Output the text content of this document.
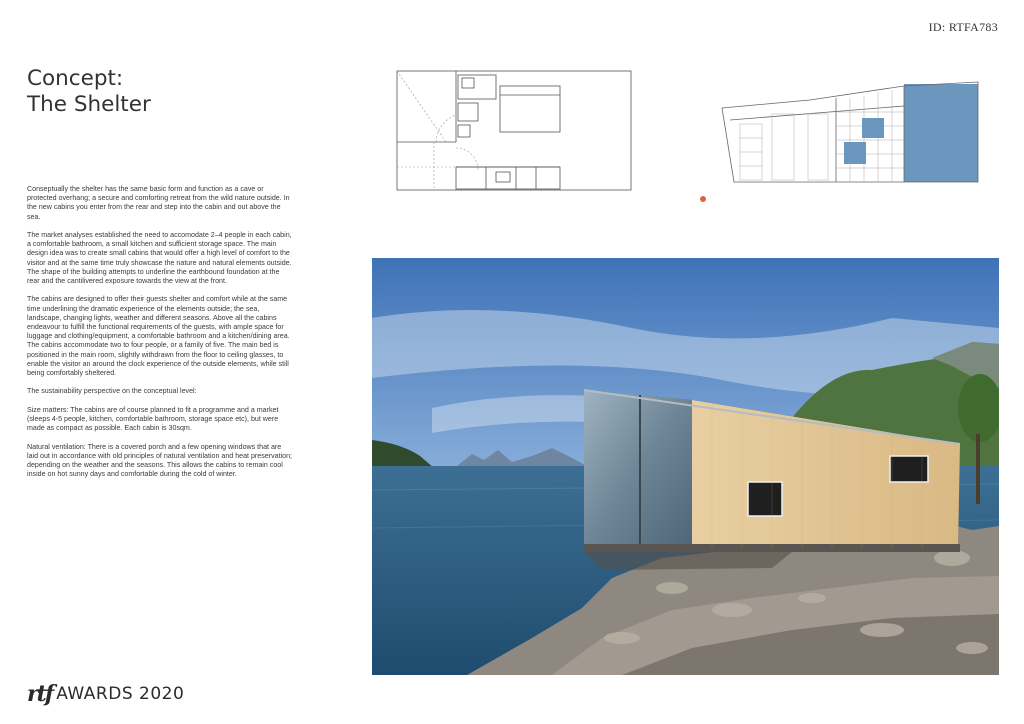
ID: RTFA783
Concept:
The Shelter

Conseptually the shelter has the same basic form and function as a cave or protected overhang; a secure and comforting retreat from the wild nature outside. In the new cabins you enter from the rear and step into the cabin and out above the sea.

The market analyses established the need to accomodate 2–4 people in each cabin, a comfortable bathroom, a small kitchen and sufficient storage space. The main design idea was to create small cabins that would offer a high level of comfort to the visitor and at the same time truly showcase the nature and natural elements outside. The shape of the building attempts to underline the earthbound foundation at the rear and the cantilivered exposure towards the view at the front.

The cabins are designed to offer their guests shelter and comfort while at the same time underlining the dramatic experience of the elements outside; the sea, landscape, changing lights, weather and different seasons. Above all the cabins endeavour to fulfill the functional requirements of the guests, with ample space for luggage and clothing/equipment, a comfortable bathroom and a kitchen/dining area. The cabins accommodate two to four people, or a family of five. The main bed is positioned in the main room, slightly withdrawn from the floor to ceiling glasses, to enable the visitor an around the clock experience of the outside elements, while still being comfortably sheltered.

The sustainability perspective on the conceptual level:

Size matters: The cabins are of course planned to fit a programme and a market (sleeps 4-5 people, kitchen, comfortable bathroom, storage space etc), but were made as compact as possible. Each cabin is 30sqm.

Natural ventilation: There is a covered porch and a few opening windows that are laid out in accordance with old principles of natural ventilation and heat preservation; depending on the weather and the seasons. This allows the cabins to remain cool inside on hot sunny days and comfortable during the cold of winter.

rtf AWARDS 2020
